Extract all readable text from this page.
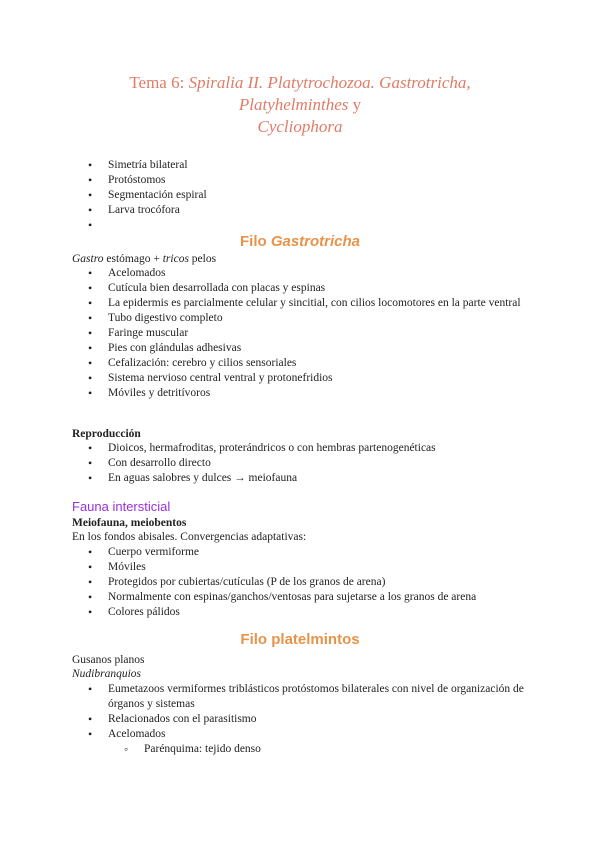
Tema 6: Spiralia II. Platytrochozoa. Gastrotricha,
Platyhelminthes y
Cycliophora
• Simetría bilateral
• Protóstomos
• Segmentación espiral
• Larva trocófora
•
Filo Gastrotricha

Gastro estómago + tricos pelos

• Acelomados
• Cutícula bien desarrollada con placas y espinas
• La epidermis es parcialmente celular y sincitial, con cilios locomotores en la parte ventral
• Tubo digestivo completo
• Faringe muscular
• Pies con glándulas adhesivas
• Cefalización: cerebro y cilios sensoriales
• Sistema nervioso central ventral y protonefridios
• Móviles y detritívoros

Reproducción

• Dioicos, hermafroditas, proterándricos o con hembras partenogenéticas
• Con desarrollo directo
• En aguas salobres y dulces → meiofauna

Fauna intersticial

Meiofauna, meiobentos

En los fondos abisales. Convergencias adaptativas:

• Cuerpo vermiforme
• Móviles
• Protegidos por cubiertas/cutículas (P de los granos de arena)
• Normalmente con espinas/ganchos/ventosas para sujetarse a los granos de arena
• Colores pálidos
Filo platelmintos

Gusanos planos

Nudibranquios

• Eumetazoos vermiformes triblásticos protóstomos bilaterales con nivel de organización de órganos y sistemas
• Relacionados con el parasitismo
• Acelomados
◦ Parénquima: tejido denso
